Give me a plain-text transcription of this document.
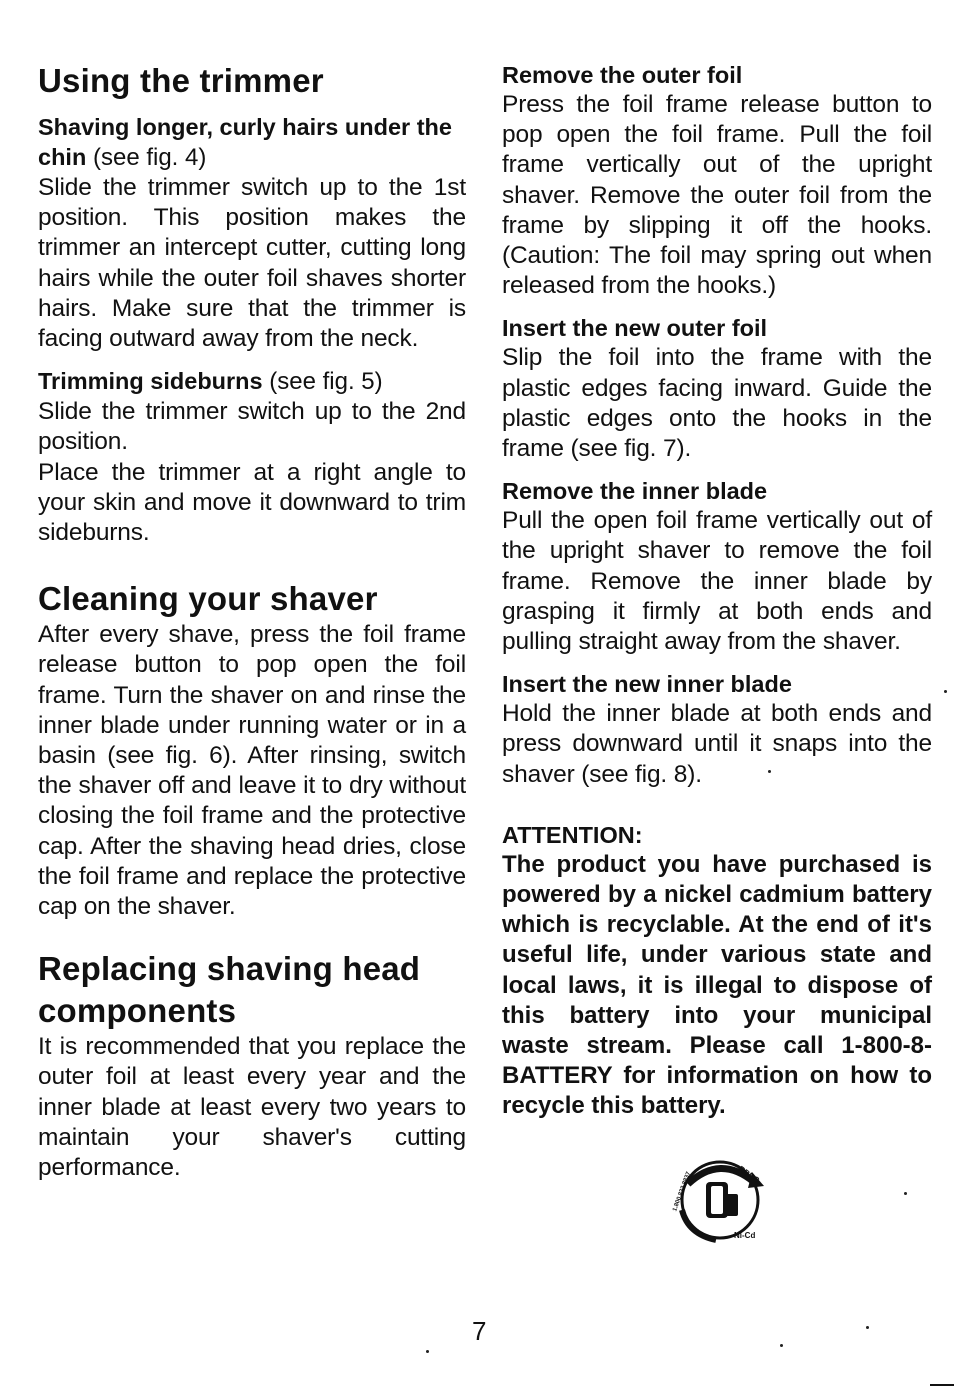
Using the trimmer

Shaving longer, curly hairs under the chin (see fig. 4)

Slide the trimmer switch up to the 1st position. This position makes the trimmer an intercept cutter, cutting long hairs while the outer foil shaves shorter hairs. Make sure that the trimmer is facing outward away from the neck.

Trimming sideburns (see fig. 5)

Slide the trimmer switch up to the 2nd position.

Place the trimmer at a right angle to your skin and move it downward to trim sideburns.

Cleaning your shaver

After every shave, press the foil frame release button to pop open the foil frame. Turn the shaver on and rinse the inner blade under running water or in a basin (see fig. 6). After rinsing, switch the shaver off and leave it to dry without closing the foil frame and the protective cap. After the shaving head dries, close the foil frame and replace the protective cap on the shaver.

Replacing shaving head components

It is recommended that you replace the outer foil at least every year and the inner blade at least every two years to maintain your shaver's cutting performance.

Remove the outer foil

Press the foil frame release button to pop open the foil frame. Pull the foil frame vertically out of the upright shaver. Remove the outer foil from the frame by slipping it off the hooks. (Caution: The foil may spring out when released from the hooks.)

Insert the new outer foil

Slip the foil into the frame with the plastic edges facing inward. Guide the plastic edges onto the hooks in the frame (see fig. 7).

Remove the inner blade

Pull the open foil frame vertically out of the upright shaver to remove the foil frame. Remove the inner blade by grasping it firmly at both ends and pulling straight away from the shaver.

Insert the new inner blade

Hold the inner blade at both ends and press downward until it snaps into the shaver (see fig. 8).

ATTENTION:

The product you have purchased is powered by a nickel cadmium battery which is recyclable. At the end of it's useful life, under various state and local laws, it is illegal to dispose of this battery into your municipal waste stream. Please call 1-800-8-BATTERY for information on how to recycle this battery.

RBRC
1.800.822.8837
Ni-Cd
7
